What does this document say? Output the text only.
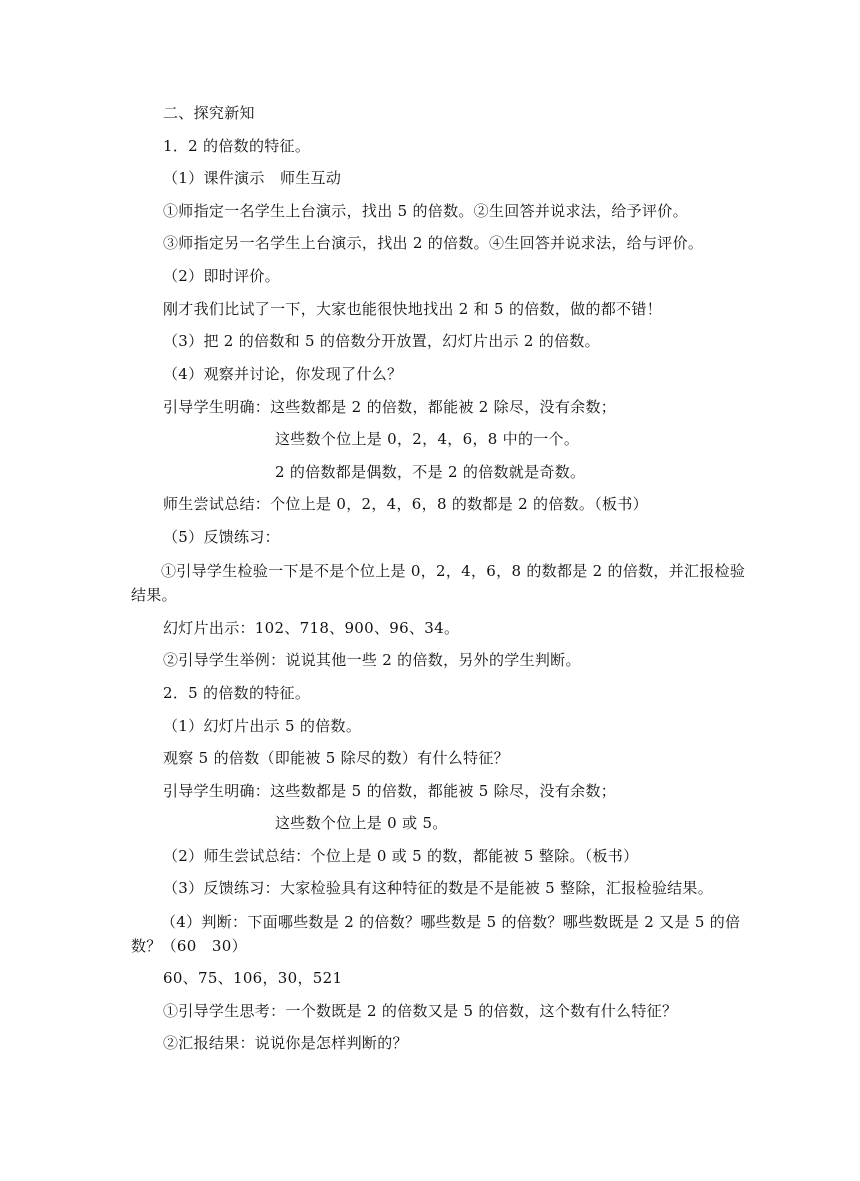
二、探究新知
1．2 的倍数的特征。
（1）课件演示　师生互动
①师指定一名学生上台演示，找出 5 的倍数。②生回答并说求法，给予评价。
③师指定另一名学生上台演示，找出 2 的倍数。④生回答并说求法，给与评价。
（2）即时评价。
刚才我们比试了一下，大家也能很快地找出 2 和 5 的倍数，做的都不错！
（3）把 2 的倍数和 5 的倍数分开放置，幻灯片出示 2 的倍数。
（4）观察并讨论，你发现了什么？
引导学生明确：这些数都是 2 的倍数，都能被 2 除尽，没有余数；
这些数个位上是 0，2，4，6，8 中的一个。
2 的倍数都是偶数，不是 2 的倍数就是奇数。
师生尝试总结：个位上是 0，2，4，6，8 的数都是 2 的倍数。（板书）
（5）反馈练习：
①引导学生检验一下是不是个位上是 0，2，4，6，8 的数都是 2 的倍数，并汇报检验结果。
幻灯片出示：102、718、900、96、34。
②引导学生举例：说说其他一些 2 的倍数，另外的学生判断。
2．5 的倍数的特征。
（1）幻灯片出示 5 的倍数。
观察 5 的倍数（即能被 5 除尽的数）有什么特征？
引导学生明确：这些数都是 5 的倍数，都能被 5 除尽，没有余数；
这些数个位上是 0 或 5。
（2）师生尝试总结：个位上是 0 或 5 的数，都能被 5 整除。（板书）
（3）反馈练习：大家检验具有这种特征的数是不是能被 5 整除，汇报检验结果。
（4）判断：下面哪些数是 2 的倍数？哪些数是 5 的倍数？哪些数既是 2 又是 5 的倍数？（60　30）
60、75、106，30，521
①引导学生思考：一个数既是 2 的倍数又是 5 的倍数，这个数有什么特征？
②汇报结果：说说你是怎样判断的？
